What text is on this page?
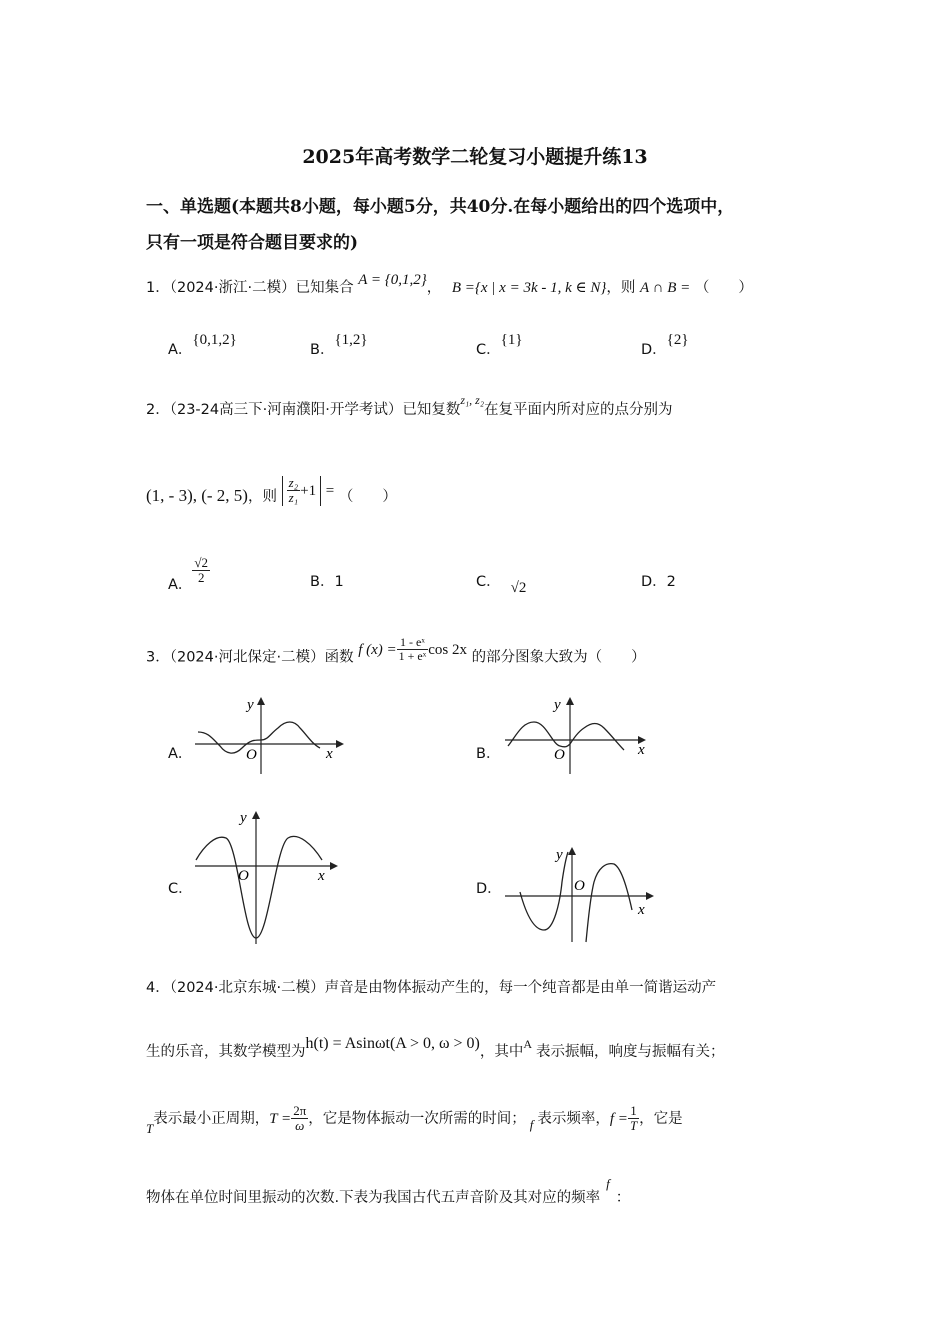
2025年高考数学二轮复习小题提升练13
一、单选题(本题共8小题，每小题5分，共40分.在每小题给出的四个选项中，
只有一项是符合题目要求的)
1．（2024·浙江·二模）已知集合 A = {0,1,2}， B ={x | x = 3k - 1, k ∈ N}，则 A ∩ B = （　　）
A．{0,1,2}
B．{1,2}
C．{1}
D．{2}
2．（23-24高三下·河南濮阳·开学考试）已知复数$^{z_1, z_2}$在复平面内所对应的点分别为
(1, - 3), (- 2, 5)，则 $\frac{\text{z₂}}{\text{z₁}} +1$ = （　　）
A． $\frac{√2}{2}$	B．1	C． √2	D．2
3．（2024·河北保定·二模）函数 f $(x) = \frac{\text{1 - eˣ}}{\text{1 + eˣ}}$ cos 2x 的部分图象大致为（　　）
A．	B．
C．	D．
y
x
O
y
x
O
y
x
O
y
x
O
4．（2024·北京东城·二模）声音是由物体振动产生的，每一个纯音都是由单一简谐运动产
生的乐音，其数学模型为h(t) = Asinωt(A > 0, ω > 0)，其中$^A$ 表示振幅，响度与振幅有关；
T表示最小正周期，$T = \frac{2\pi}{\omega}$ ，它是物体振动一次所需的时间； f 表示频率，$f = \frac{1}{T}$ ，它是
物体在单位时间里振动的次数.下表为我国古代五声音阶及其对应的频率f：
